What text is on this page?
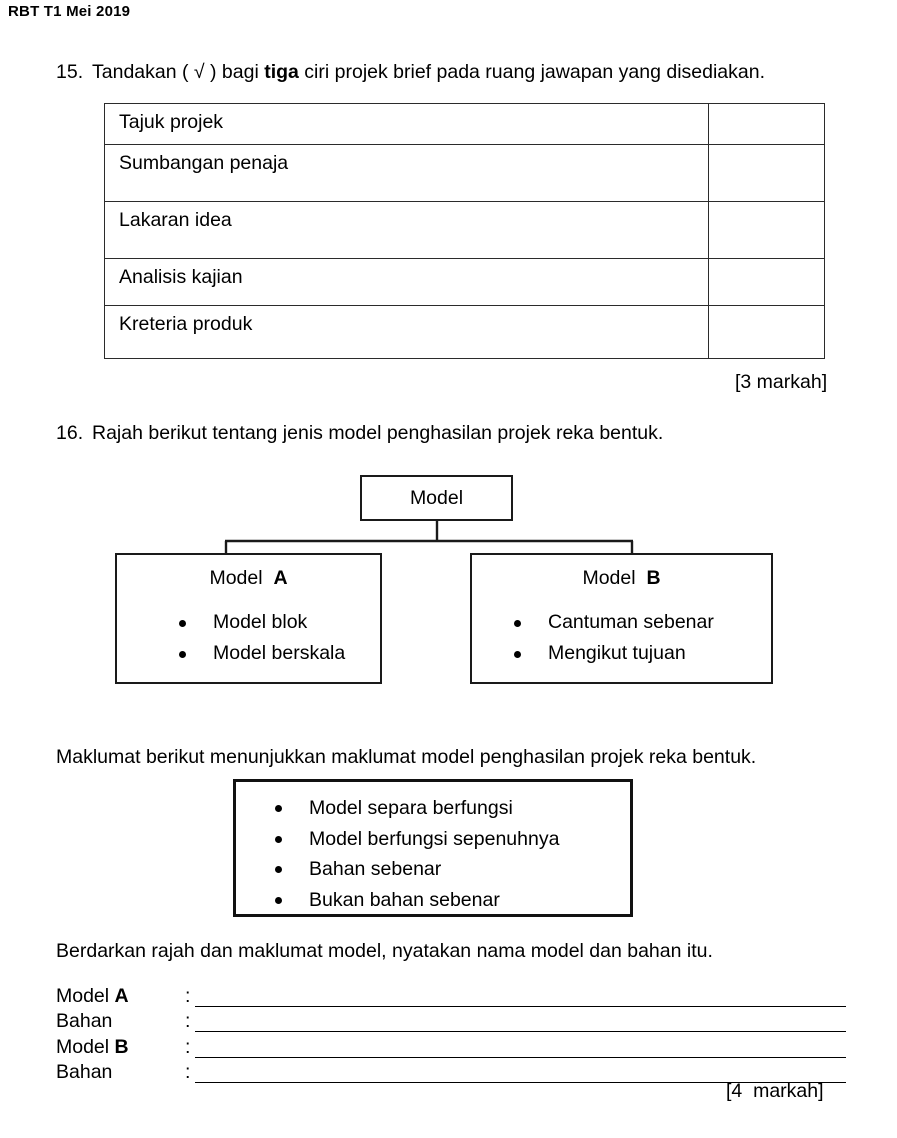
RBT T1 Mei 2019
15. Tandakan ( √ ) bagi tiga ciri projek brief pada ruang jawapan yang disediakan.
Tajuk projek	
Sumbangan penaja	
Lakaran idea	
Analisis kajian	
Kreteria produk	
[3 markah]
16. Rajah berikut tentang jenis model penghasilan projek reka bentuk.
Model
Model A
Model blok
Model berskala
Model B
Cantuman sebenar
Mengikut tujuan
Maklumat berikut menunjukkan maklumat model penghasilan projek reka bentuk.
Model separa berfungsi
Model berfungsi sepenuhnya
Bahan sebenar
Bukan bahan sebenar
Berdarkan rajah dan maklumat model, nyatakan nama model dan bahan itu.
Model A	:
Bahan	:
Model B	:
Bahan	:
[4  markah]
